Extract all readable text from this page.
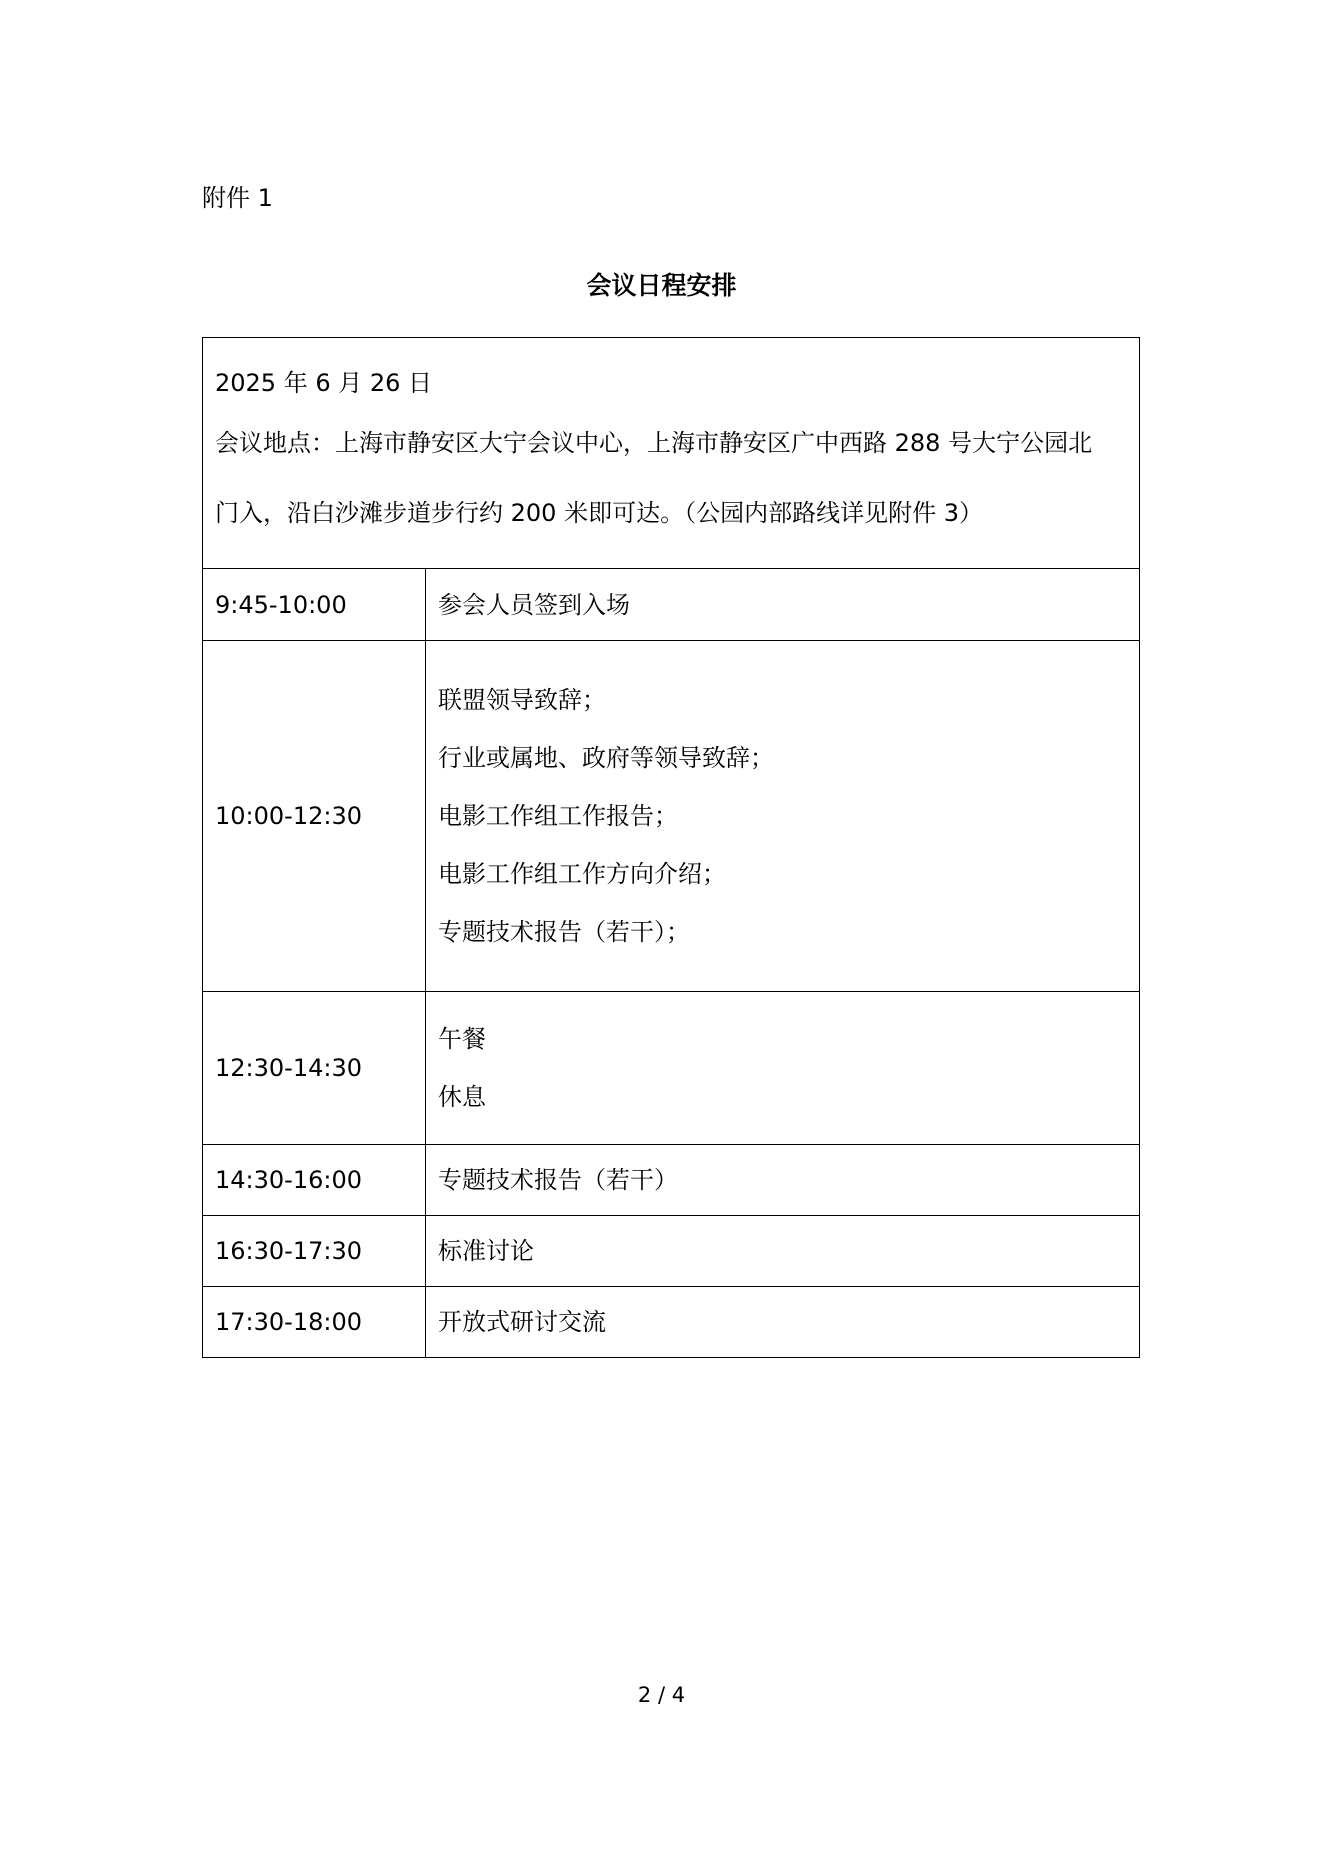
附件 1
会议日程安排
2025 年 6 月 26 日
会议地点：上海市静安区大宁会议中心，上海市静安区广中西路 288 号大宁公园北
门入，沿白沙滩步道步行约 200 米即可达。（公园内部路线详见附件 3）	

9:45-10:00	参会人员签到入场

10:00-12:30	联盟领导致辞；
行业或属地、政府等领导致辞；
电影工作组工作报告；
电影工作组工作方向介绍；
专题技术报告（若干）；

12:30-14:30	午餐
休息

14:30-16:00	专题技术报告（若干）

16:30-17:30	标准讨论

17:30-18:00	开放式研讨交流
2 / 4
